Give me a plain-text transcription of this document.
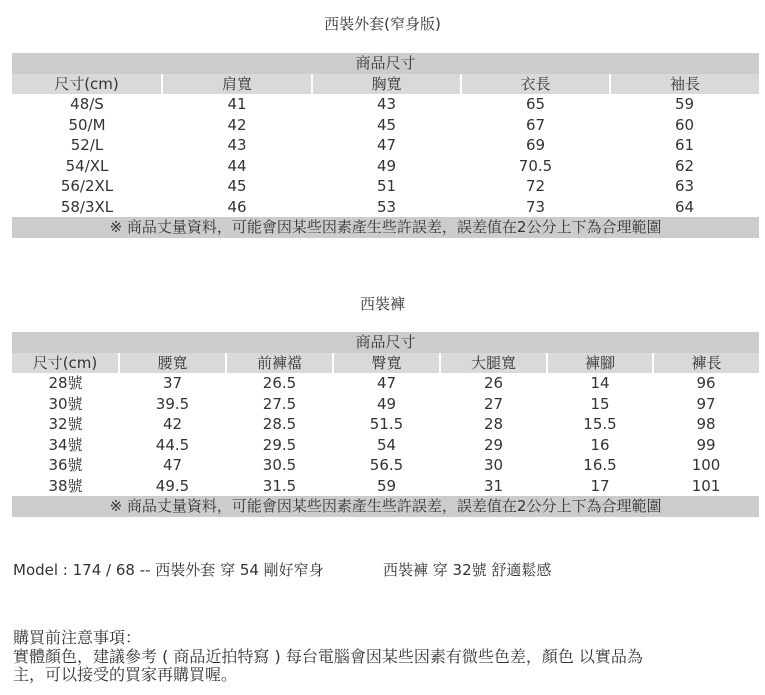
西裝外套(窄身版)
商品尺寸				
尺寸(cm)	肩寬	胸寬	衣長	袖長
48/S	41	43	65	59
50/M	42	45	67	60
52/L	43	47	69	61
54/XL	44	49	70.5	62
56/2XL	45	51	72	63
58/3XL	46	53	73	64
※ 商品丈量資料，可能會因某些因素產生些許誤差，誤差值在2公分上下為合理範圍				
西裝褲
商品尺寸						
尺寸(cm)	腰寬	前褲襠	臀寬	大腿寬	褲腳	褲長
28號	37	26.5	47	26	14	96
30號	39.5	27.5	49	27	15	97
32號	42	28.5	51.5	28	15.5	98
34號	44.5	29.5	54	29	16	99
36號	47	30.5	56.5	30	16.5	100
38號	49.5	31.5	59	31	17	101
※ 商品丈量資料，可能會因某些因素產生些許誤差，誤差值在2公分上下為合理範圍						
Model : 174 / 68 -- 西裝外套 穿 54 剛好窄身	西裝褲 穿 32號 舒適鬆感
購買前注意事項：
實體顏色，建議參考 ( 商品近拍特寫 ) 每台電腦會因某些因素有微些色差，顏色 以實品為
主，可以接受的買家再購買喔。
